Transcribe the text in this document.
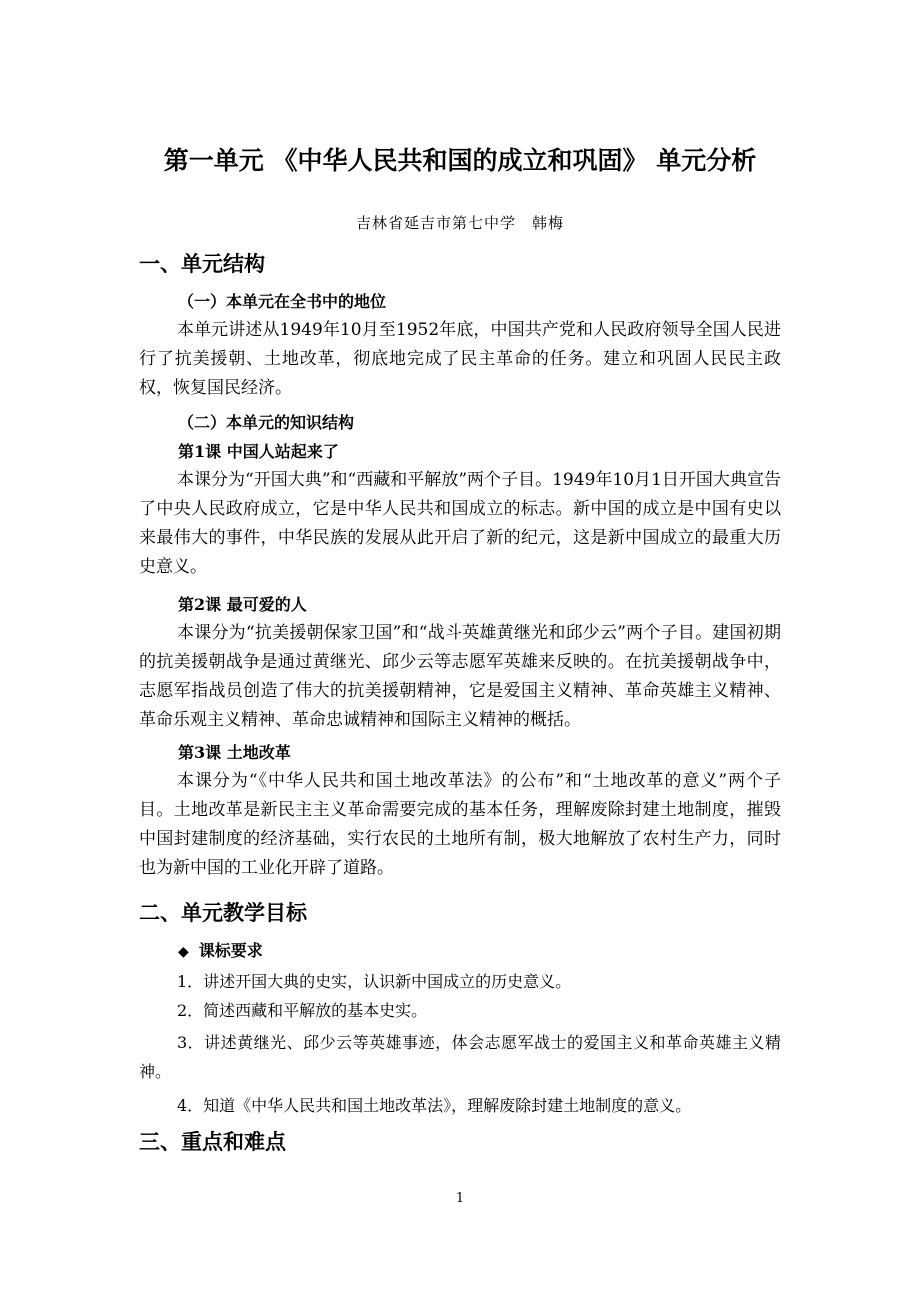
第一单元 《中华人民共和国的成立和巩固》 单元分析
吉林省延吉市第七中学　韩梅
一、单元结构
（一）本单元在全书中的地位
本单元讲述从1949年10月至1952年底，中国共产党和人民政府领导全国人民进行了抗美援朝、土地改革，彻底地完成了民主革命的任务。建立和巩固人民民主政权，恢复国民经济。
（二）本单元的知识结构
第1课 中国人站起来了
本课分为“开国大典”和“西藏和平解放”两个子目。1949年10月1日开国大典宣告了中央人民政府成立，它是中华人民共和国成立的标志。新中国的成立是中国有史以来最伟大的事件，中华民族的发展从此开启了新的纪元，这是新中国成立的最重大历史意义。
第2课 最可爱的人
本课分为“抗美援朝保家卫国”和“战斗英雄黄继光和邱少云”两个子目。建国初期的抗美援朝战争是通过黄继光、邱少云等志愿军英雄来反映的。在抗美援朝战争中，志愿军指战员创造了伟大的抗美援朝精神，它是爱国主义精神、革命英雄主义精神、革命乐观主义精神、革命忠诚精神和国际主义精神的概括。
第3课 土地改革
本课分为“《中华人民共和国土地改革法》的公布”和“土地改革的意义”两个子目。土地改革是新民主主义革命需要完成的基本任务，理解废除封建土地制度，摧毁中国封建制度的经济基础，实行农民的土地所有制，极大地解放了农村生产力，同时也为新中国的工业化开辟了道路。
二、单元教学目标
◆ 课标要求
1．讲述开国大典的史实，认识新中国成立的历史意义。
2．简述西藏和平解放的基本史实。
3．讲述黄继光、邱少云等英雄事迹，体会志愿军战士的爱国主义和革命英雄主义精神。
4．知道《中华人民共和国土地改革法》，理解废除封建土地制度的意义。
三、重点和难点
1
